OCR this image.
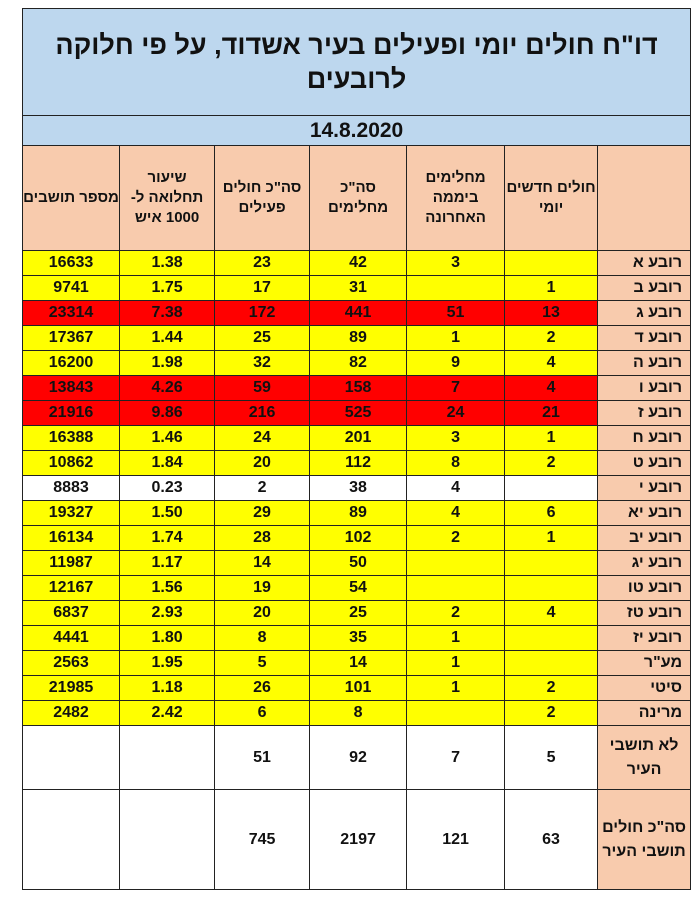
דו"ח חולים יומי ופעילים בעיר אשדוד, על פי חלוקה לרובעים						
14.8.2020						
	חולים חדשים יומי	מחלימים ביממה האחרונה	סה"כ מחלימים	סה"כ חולים פעילים	שיעור תחלואה ל- 1000 איש	מספר תושבים
רובע א		3	42	23	1.38	16633
רובע ב	1		31	17	1.75	9741
רובע ג	13	51	441	172	7.38	23314
רובע ד	2	1	89	25	1.44	17367
רובע ה	4	9	82	32	1.98	16200
רובע ו	4	7	158	59	4.26	13843
רובע ז	21	24	525	216	9.86	21916
רובע ח	1	3	201	24	1.46	16388
רובע ט	2	8	112	20	1.84	10862
רובע י		4	38	2	0.23	8883
רובע יא	6	4	89	29	1.50	19327
רובע יב	1	2	102	28	1.74	16134
רובע יג			50	14	1.17	11987
רובע טו			54	19	1.56	12167
רובע טז	4	2	25	20	2.93	6837
רובע יז		1	35	8	1.80	4441
מע"ר		1	14	5	1.95	2563
סיטי	2	1	101	26	1.18	21985
מרינה	2		8	6	2.42	2482
לא תושבי העיר	5	7	92	51		
סה"כ חולים תושבי העיר	63	121	2197	745		
